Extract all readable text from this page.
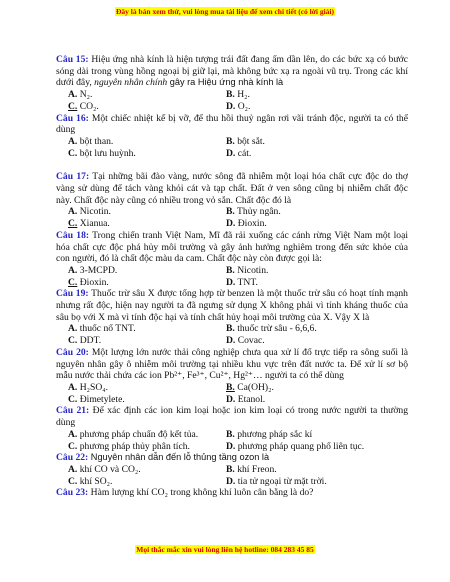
Đây là bản xem thử, vui lòng mua tài liệu để xem chi tiết (có lời giải)

Câu 15: Hiệu ứng nhà kính là hiện tượng trái đất đang ấm dần lên, do các bức xạ có bước sóng dài trong vùng hồng ngoại bị giữ lại, mà không bức xạ ra ngoài vũ trụ. Trong các khí dưới đây, nguyên nhân chính gây ra Hiệu ứng nhà kính là

A. N₂.	B. H₂.
C. CO₂.	D. O₂.

Câu 16: Một chiếc nhiệt kế bị vỡ, để thu hồi thuỷ ngân rơi vãi tránh độc, người ta có thể dùng

A. bột than.	B. bột sắt.
C. bột lưu huỳnh.	D. cát.

Câu 17: Tại những bãi đào vàng, nước sông đã nhiễm một loại hóa chất cực độc do thợ vàng sử dùng để tách vàng khỏi cát và tạp chất. Đất ở ven sông cũng bị nhiễm chất độc này. Chất độc này cũng có nhiều trong vỏ sắn. Chất độc đó là

A. Nicotin.	B. Thủy ngân.
C. Xianua.	D. Đioxin.

Câu 18: Trong chiến tranh Việt Nam, Mĩ đã rải xuống các cánh rừng Việt Nam một loại hóa chất cực độc phá hủy môi trường và gây ảnh hưởng nghiêm trong đến sức khỏe của con người, đó là chất độc màu da cam. Chất độc này còn được gọi là:

A. 3-MCPD.	B. Nicotin.
C. Đioxin.	D. TNT.

Câu 19: Thuốc trừ sâu X được tổng hợp từ benzen là một thuốc trừ sâu có hoạt tính mạnh nhưng rất độc, hiện nay người ta đã ngưng sử dụng X không phải vì tính kháng thuốc của sâu bọ với X mà vì tính độc hại và tính chất hủy hoại môi trường của X. Vậy X là

A. thuốc nổ TNT.	B. thuốc trừ sâu - 6,6,6.
C. DDT.	D. Covac.

Câu 20: Một lượng lớn nước thải công nghiệp chưa qua xử lí đổ trực tiếp ra sông suối là nguyên nhân gây ô nhiễm môi trường tại nhiều khu vực trên đất nước ta. Để xử lí sơ bộ mẫu nước thải chứa các ion Pb²⁺, Fe³⁺, Cu²⁺, Hg²⁺… người ta có thể dùng

A. H₂SO₄.	B. Ca(OH)₂.
C. Đimetylete.	D. Etanol.

Câu 21: Để xác định các ion kim loại hoặc ion kim loại có trong nước người ta thường dùng

A. phương pháp chuẩn độ kết tủa.	B. phương pháp sắc kí
C. phương pháp thủy phân tích.	D. phương pháp quang phổ liên tục.

Câu 22: Nguyên nhân dẫn đến lỗ thủng tầng ozon là

A. khí CO và CO₂.	B. khí Freon.
C. khí SO₂.	D. tia tử ngoại từ mặt trời.

Câu 23: Hàm lượng khí CO₂ trong không khí luôn cân bằng là do?

Mọi thắc mắc xin vui lòng liên hệ hotline: 084 283 45 85
